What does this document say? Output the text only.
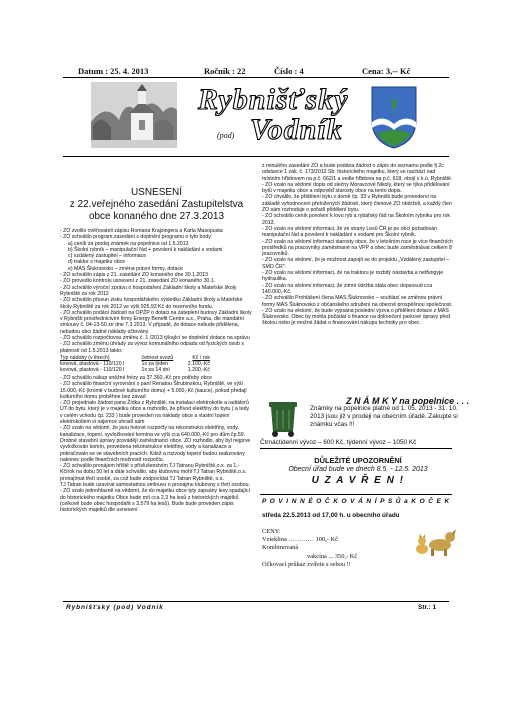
Datum : 25. 4. 2013	Ročník : 22	Číslo : 4	Cena: 3,-- Kč
Rybnišťský
(pod) Vodník

USNESENÍ

z 22.veřejného zasedání Zastupitelstva obce konaného dne 27.3.2013

- ZO zvolilo ověřovateli zápisu Romana Krajzingera a Karla Masopusta

- ZO schválilo program zasedání s doplnění programu o tyto body:

a) ceník za prodej známek na popelnice od 1.5.2013

b) Školní rybník – manipulační řád + povolení k nakládání s vodami

c) vzdálený zastupitel – informace

d) traktor s majetku obce

e) MAS Šluknovsko – změna právní formy, dotace

- ZO schválilo zápis z 21. zasedání ZO konaného dne 30.1.2013

- ZO provedlo kontrolu usnesení z 21. zasedání ZO konaného 30.1.

- ZO schválilo výroční zprávu o hospodaření Základní školy a Mateřské školy Rybniště za rok 2012

- ZO schválilo přesun zisku hospodářského výsledku Základní školy a Mateřské školy Rybniště za rok 2012 ve výši 925,93 Kč do rezervního fondu.

- ZO schválilo podání žádosti na OPŽP o dotaci na zateplení budovy Základní školy v Rybništi prostřednictvím firmy Energy Benefit Centre a.s., Praha, dle mandátní smlouvy č. 04-13-50 ze dne 7.3.2013. V případě, že dotace nebude přidělena, nebudou obci žádné náklady účtovány.

- ZO schválilo rozpočtovou změnu č. 1 /2013 týkající se doplnění dotace na správu

- ZO schválilo změnu úhrady za vývoz komunálního odpadu od fyzických osob s platností od 1.5.2013 takto:

Typ nádoby (v litrech)	četnost svozů	Kč / rok
kovová, plastová - 110/120 l	1x za týden	2.100,-Kč
kovová, plastová - 110/120 l	1x za 14 dní	1.200,-Kč

- ZO schválilo nákup sněžné frézy za 37.360,-Kč pro potřeby obce

- ZO schválilo finanční vyrovnání s paní Renatou Štrubínskou, Rybniště, ve výši 15.000,-Kč (kromě v budově kulturního domu) + 5.000,-Kč (kauce), pokud předají kulturního domu proběhne bez závad

- ZO projednalo žádost pana Žídka z Rybniště, na instalaci elektrokotle a radiátorů ÚT do bytu, který je v majetku obce a rozhodlo, že přívod elektřiny do bytu ( a tedy v celém vchodu čp. 233 ) bude proveden na náklady obce a vlastní topení elektrokotlem si nájemce uhradí sám

- ZO vzalo na vědomí, že jsou hotové rozpočty na rekonstrukci elektřiny, vody, kanalizace, topení, vyvložkování komína ve výši cca 640.000,-Kč pro dům čp.59. Drobné stavební úpravy provádějí zaměstnanci obce. ZO rozhodlo, aby byl nejprve vyvložkován komín, provedena rekonstrukce elektřiny, vody a kanalizace a pokračovalo se ve stavebních pracích. Kdež a rozvody topení budou realizovány nakonec podle finančních možností rozpočtu.

- ZO schválilo pronájem hřiště s příslušenstvím TJ Tatranu Rybniště,o.s. za 1,-Kč/rok na dobu 50 let a dále schválilo, aby klubovnu mohl TJ Tatran Rybniště,o.s. pronajímat třetí osobě, za což bude zodpovídat TJ Tatran Rybniště, o.s.

TJ Tatran bude uzavírat samostatnou smlouvu o pronájmu klubovny s třetí osobou.

- ZO vzalo jednohlasně na vědomí, že do majetku obce tyty zapsány lesy spadající do historického majetku Obce bude mít cca 2,3 ha lesů z historických majetků (celkově bude obec hospodařit s 3,579 ha lesů). Bude bude proveden zápis historických majetků dle usnesení

z minulého zasedání ZO a bude podána žádost o zápis do seznamu podle § 2c odstavce 1 zák. č. 173/2012 Sb. historického majetku, který se nachází nad místním hřbitovem na p.č. 662/1 a vedle hřbitova na p.č. 618, obojí v k.ú. Rybniště.

- ZO vzalo na vědomí dopis od slečny Moravcové Nikoly, který se týká přidělování bytů v majetku obce a odpověď starosty obce na tento dopis.

- ZO chválilo, že přidělení bytu v domě čp. 33 v Rybništi bude provedeno na základě vyhodnocení přeložených žádostí, který členové ZO obdrželi, a každý člen ZO sám rozhoduje o pořadí přidělení bytu.

- ZO schválilo ceník povolení k lovu ryb a rybářský řád na Školním rybníku pro rok 2013.

- ZO vzalo na vědomí informaci, že ze strany Lesů ČR je po obci požadován manipulační řád a povolení k nakládání s vodami pro Školní rybník.

- ZO vzalo na vědomí informaci starosty obce, že v letošním roce je více finančních prostředků na pracovníky zaměstnané na VPP a obec bude zaměstnávat celkem 8 pracovníků.

- ZO vzalo na vědomí, že je možnost zapojit se do projektu „Vzdálený zastupitel – SMO ČR".

- ZO vzalo na vědomí informaci, že na traktoru je rozbitý nástavba a netfungyje hydraulika.

- ZO vzalo na vědomí informaci, že zimní údržba stála obec dopsosud cca 140.000,-Kč.

- ZO schválilo Prohlášení člena MAS Šluknovsko – souhlasí se změnou právní formy MAS Šluknovsko z občanského sdružení na obecně prospěšnou společnost.

- ZO vzalo na vědomí, že bude vypsána poslední výzva o přidělení dotace z MAS Šluknovsko. Obec by mohla požádat o finance na dokončení parkové úpravy před školou nebo je možné žádat o financování nákupu techniky pro obec.

Z N Á M K Y na popelnice . . .
Známky na popelnice platné od 1. 05. 2013 - 31. 10. 2013 jsou již v prodeji na obecním úřadě. Zakupte si známku včas !!!
Čtrnáctidenní vývoz – 600 Kč, týdenní vývoz – 1050 Kč
DŮLEŽITÉ UPOZORNĚNÍ
Obecní úřad bude ve dnech 8.5. - 12.5. 2013
U Z A V Ř E N !
P O V I N N É O Č K O V Á N Í P S Ů a K O Č E K
středa 22.5.2013 od 17,00 h. u obecního úřadu
CENY:
Vzteklina ………… 100,- Kč
Kombinovaná
vakcína ... 350,- Kč
Očkovací průkaz zvířete s sebou !!
Rybnišťský (pod) Vodník	Str.: 1
